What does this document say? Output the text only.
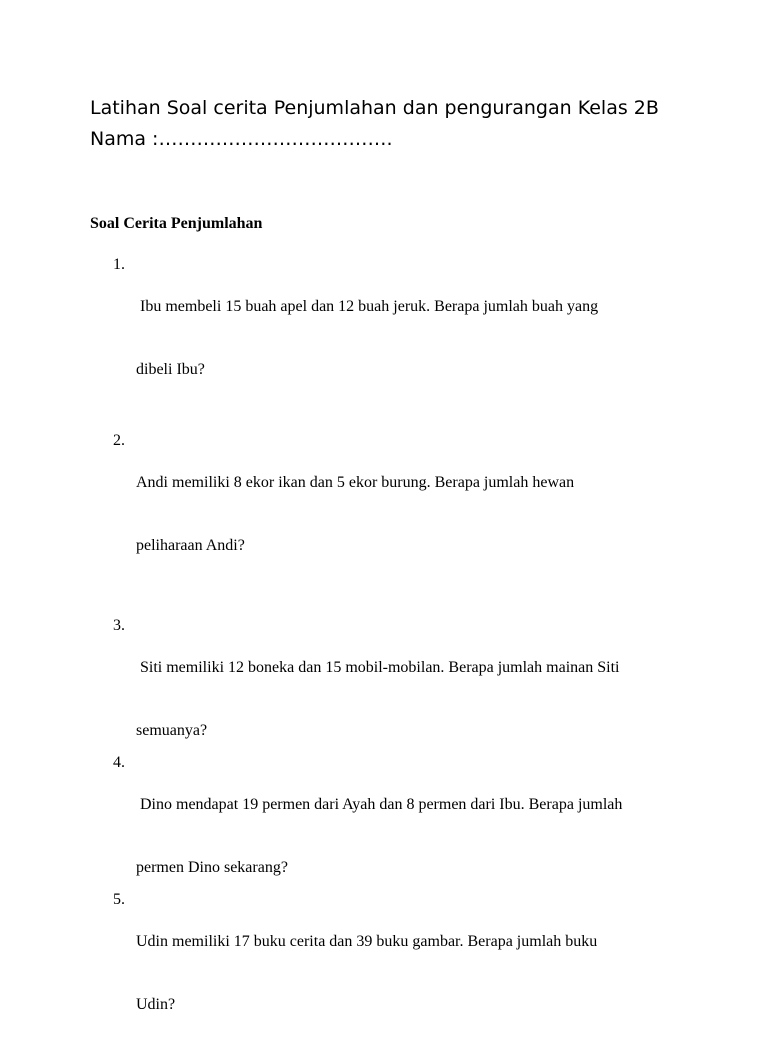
Latihan Soal cerita Penjumlahan dan pengurangan Kelas 2B
Nama :……………………………….
Soal Cerita Penjumlahan
1.

Ibu membeli 15 buah apel dan 12 buah jeruk. Berapa jumlah buah yang

dibeli Ibu?

2.

Andi memiliki 8 ekor ikan dan 5 ekor burung. Berapa jumlah hewan

peliharaan Andi?

3.

Siti memiliki 12 boneka dan 15 mobil-mobilan. Berapa jumlah mainan Siti

semuanya?

4.

Dino mendapat 19 permen dari Ayah dan 8 permen dari Ibu. Berapa jumlah

permen Dino sekarang?

5.

Udin memiliki 17 buku cerita dan 39 buku gambar. Berapa jumlah buku

Udin?
